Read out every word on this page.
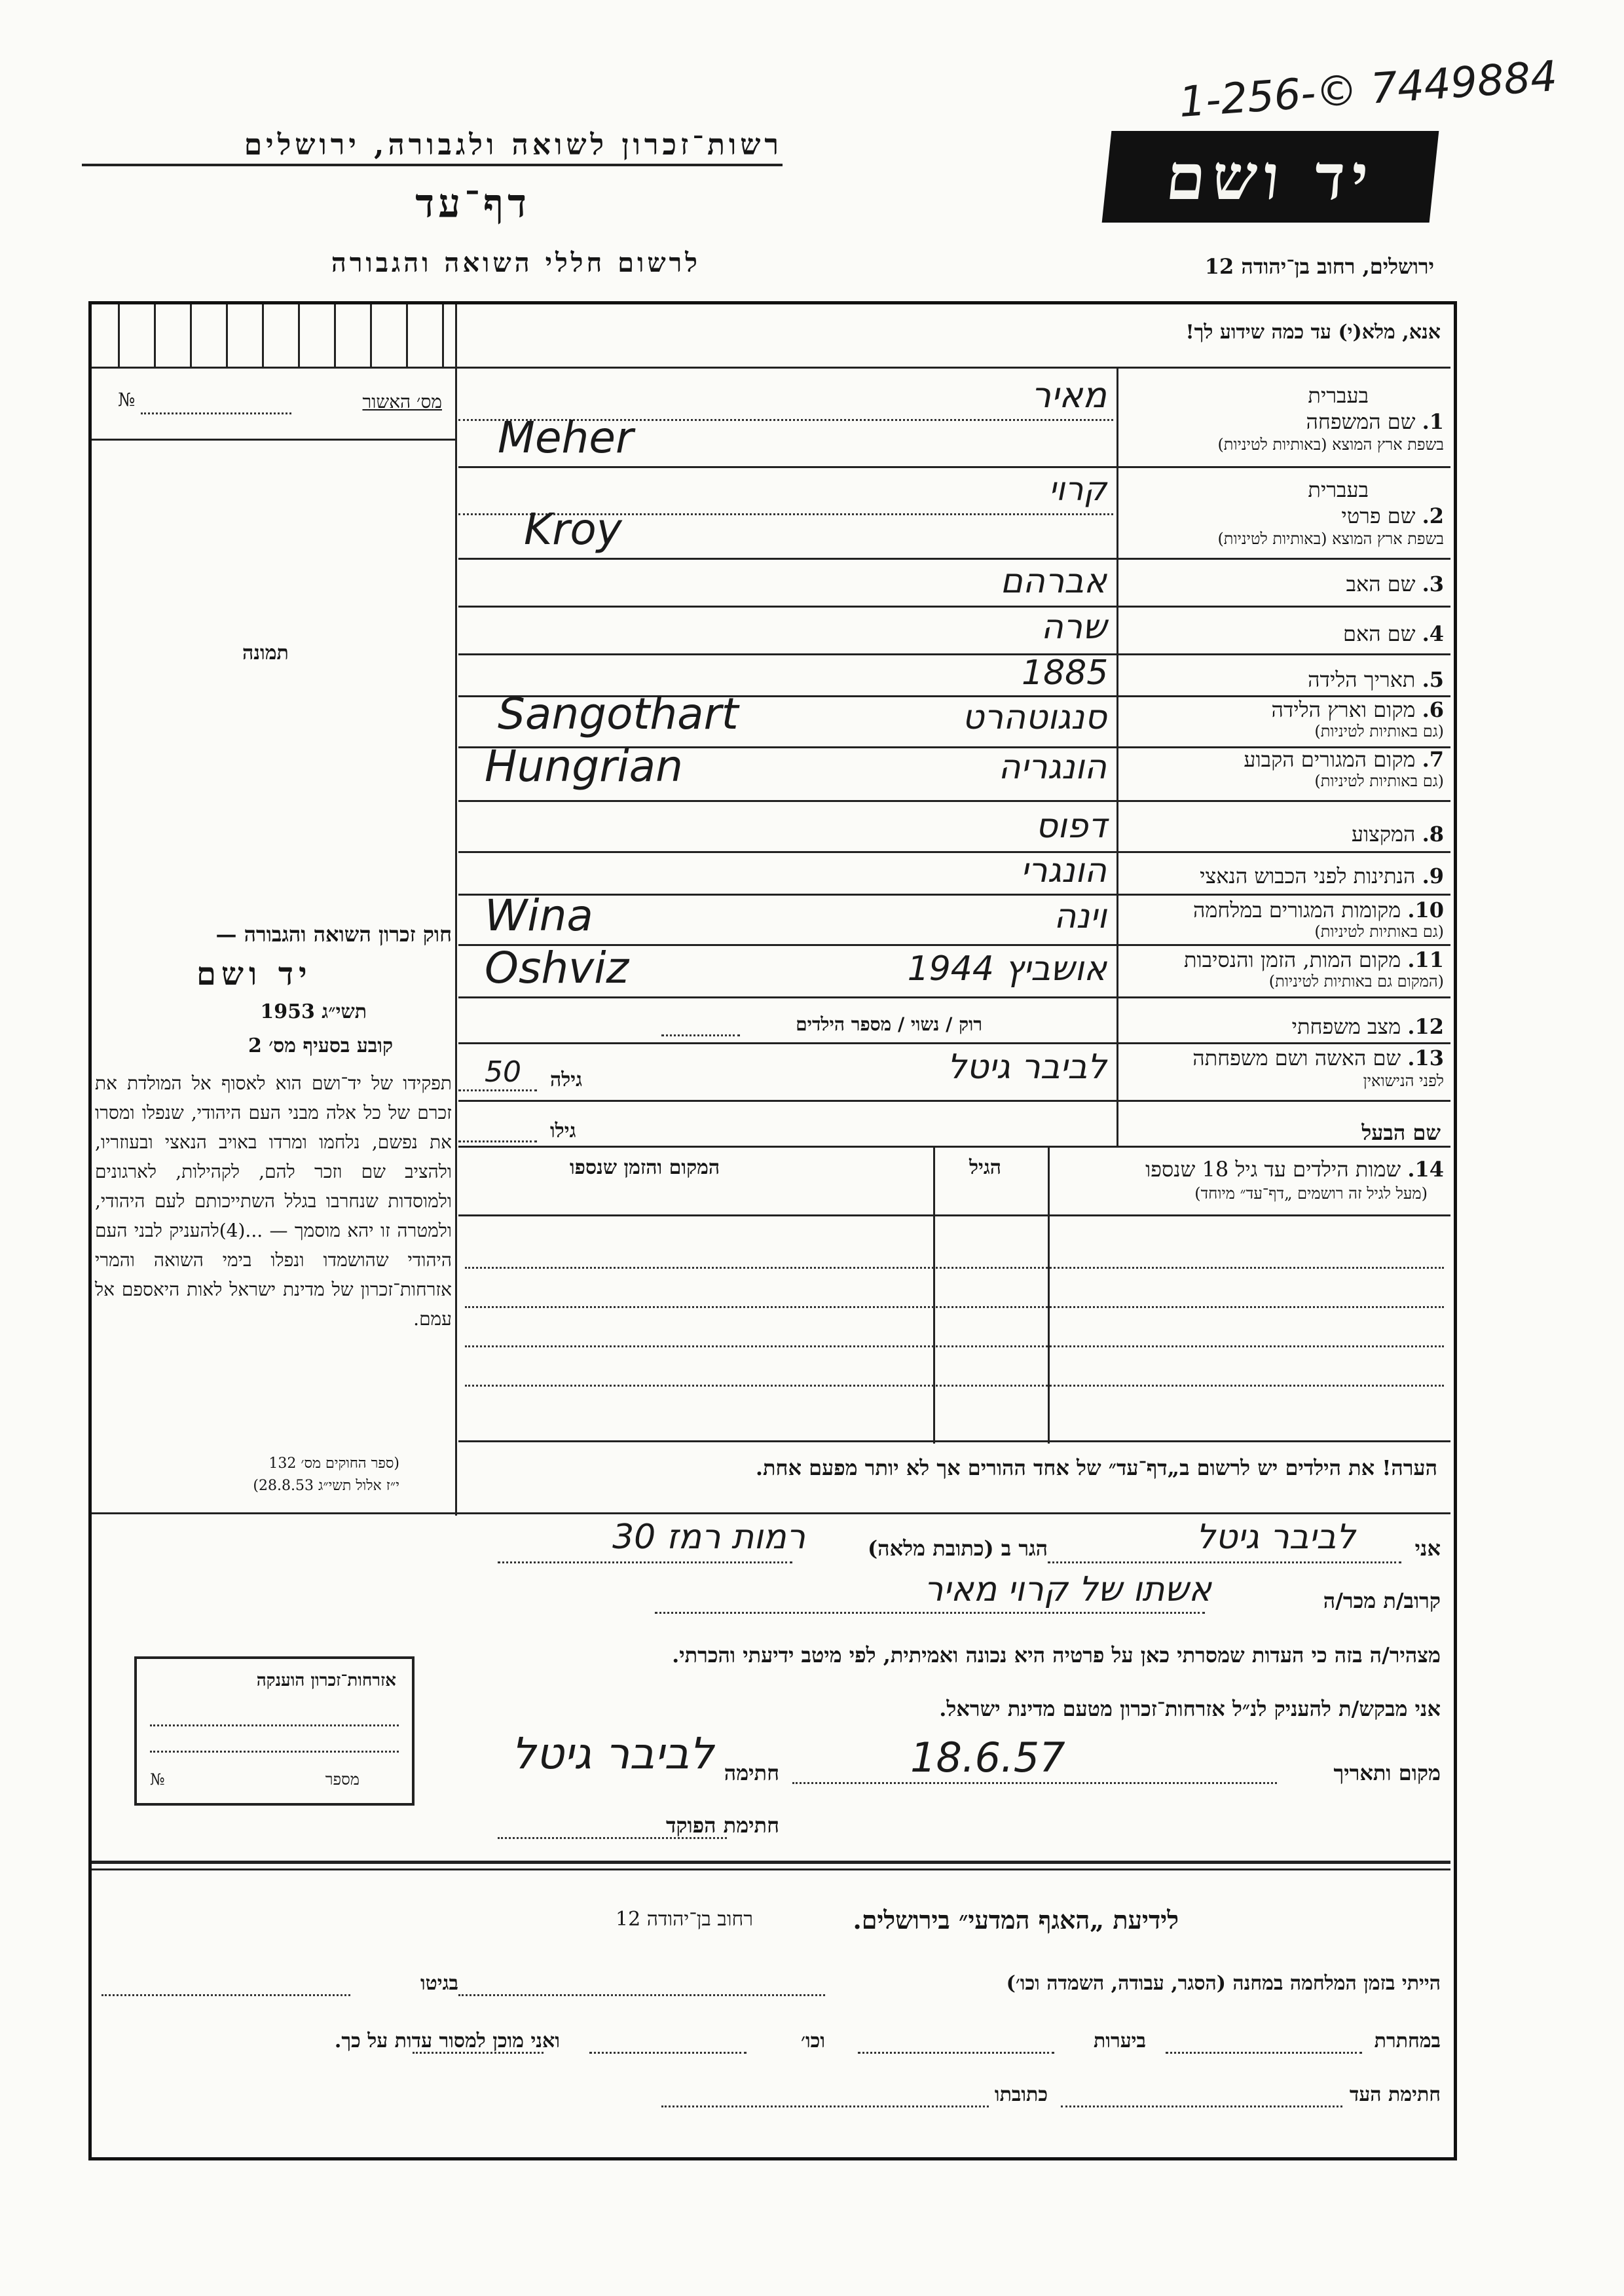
1-256-© 7449884
רשות־זכרון לשואה ולגבורה, ירושלים
דף־עד
לרשום חללי השואה והגבורה
יד ושם
ירושלים, רחוב בן־יהודה 12
מס׳ האשור
№
תמונה
חוק זכרון השואה והגבורה —
יד ושם
תשי״ג 1953
קובע בסעיף מס׳ 2
תפקידו של יד־ושם הוא לאסוף אל המולדת את זכרם של כל אלה מבני העם היהודי, שנפלו ומסרו את נפשם, נלחמו ומרדו באויב הנאצי ובעוזריו, ולהציב שם וזכר להם, לקהילות, לארגונים ולמוסדות שנחרבו בגלל השתייכותם לעם היהודי, ולמטרה זו יהא מוסמך — ...(4)להעניק לבני העם היהודי שהושמדו ונפלו בימי השואה והמרי אזרחות־זכרון של מדינת ישראל לאות היאספם אל עמם.
(ספר החוקים מס׳ 132
י״ז אלול תשי״ג 28.8.53)
אנא, מלא(י) עד כמה שידוע לך!
בעברית
1. שם המשפחה
בשפת ארץ המוצא (באותיות לטיניות)
מאיר
Meher
בעברית
2. שם פרטי
בשפת ארץ המוצא (באותיות לטיניות)
קרוי
Kroy
3. שם האב
אברהם
4. שם האם
שרה
5. תאריך הלידה
1885
6. מקום וארץ הלידה
(גם באותיות לטיניות)
סנגוטהרט
Sangothart
7. מקום המגורים הקבוע
(גם באותיות לטיניות)
הונגריה
Hungrian
8. המקצוע
דפוס
9. הנתינות לפני הכבוש הנאצי
הונגרי
10. מקומות המגורים במלחמה
(גם באותיות לטיניות)
וינה
Wina
11. מקום המות, הזמן והנסיבות
(המקום גם באותיות לטיניות)
אושביץ 1944
Oshviz
12. מצב משפחתי
רוק / נשוי / מספר הילדים
13. שם האשה ושם משפחתה
לפני הנישואין
לביבר גיטל
גילה
50
שם הבעל
גילו
14. שמות הילדים עד גיל 18 שנספו
(מעל לגיל זה רושמים „דף־עד״ מיוחד)
הגיל
המקום והזמן שנספו
הערה! את הילדים יש לרשום ב„דף־עד״ של אחד ההורים אך לא יותר מפעם אחת.
אני
לביבר גיטל
הגר ב (כתובת מלאה)
רמות רמז 30
קרוב/ת מכר/ה
אשתו של קרוי מאיר
מצהיר/ה בזה כי העדות שמסרתי כאן על פרטיה היא נכונה ואמיתית, לפי מיטב ידיעתי והכרתי.
אני מבקש/ת להעניק לנ״ל אזרחות־זכרון מטעם מדינת ישראל.
אזרחות־זכרון הוענקה
מספר
№	מקום ותאריך
18.6.57
חתימה
לביבר גיטל
חתימת הפוקד
לידיעת „האגף המדעי״ בירושלים.
רחוב בן־יהודה 12
הייתי בזמן המלחמה במחנה (הסגר, עבודה, השמדה וכו׳)
בגיטו
במחתרת
ביערות
וכו׳
ואני מוכן למסור עדות על כך.
חתימת העד
כתובתו
